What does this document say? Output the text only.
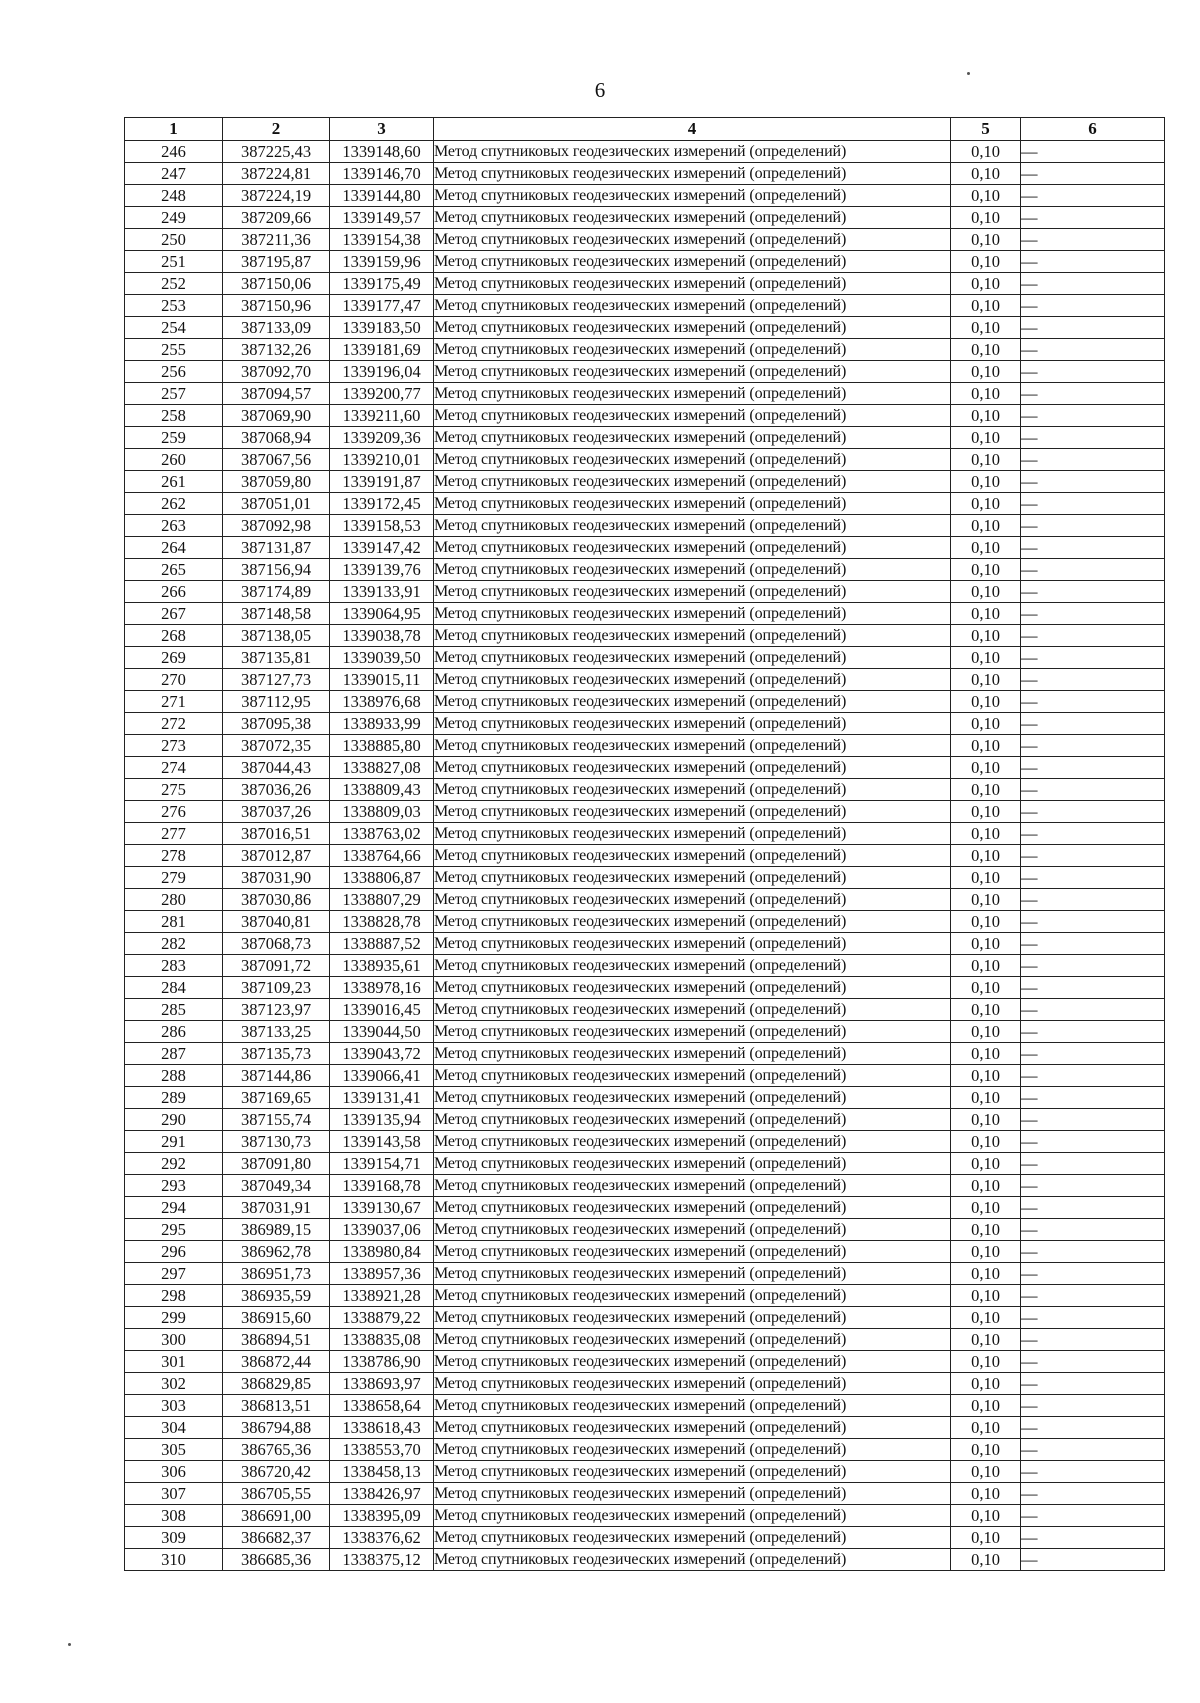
6
1	2	3	4	5	6
246	387225,43	1339148,60	Метод спутниковых геодезических измерений (определений)	0,10	—
247	387224,81	1339146,70	Метод спутниковых геодезических измерений (определений)	0,10	—
248	387224,19	1339144,80	Метод спутниковых геодезических измерений (определений)	0,10	—
249	387209,66	1339149,57	Метод спутниковых геодезических измерений (определений)	0,10	—
250	387211,36	1339154,38	Метод спутниковых геодезических измерений (определений)	0,10	—
251	387195,87	1339159,96	Метод спутниковых геодезических измерений (определений)	0,10	—
252	387150,06	1339175,49	Метод спутниковых геодезических измерений (определений)	0,10	—
253	387150,96	1339177,47	Метод спутниковых геодезических измерений (определений)	0,10	—
254	387133,09	1339183,50	Метод спутниковых геодезических измерений (определений)	0,10	—
255	387132,26	1339181,69	Метод спутниковых геодезических измерений (определений)	0,10	—
256	387092,70	1339196,04	Метод спутниковых геодезических измерений (определений)	0,10	—
257	387094,57	1339200,77	Метод спутниковых геодезических измерений (определений)	0,10	—
258	387069,90	1339211,60	Метод спутниковых геодезических измерений (определений)	0,10	—
259	387068,94	1339209,36	Метод спутниковых геодезических измерений (определений)	0,10	—
260	387067,56	1339210,01	Метод спутниковых геодезических измерений (определений)	0,10	—
261	387059,80	1339191,87	Метод спутниковых геодезических измерений (определений)	0,10	—
262	387051,01	1339172,45	Метод спутниковых геодезических измерений (определений)	0,10	—
263	387092,98	1339158,53	Метод спутниковых геодезических измерений (определений)	0,10	—
264	387131,87	1339147,42	Метод спутниковых геодезических измерений (определений)	0,10	—
265	387156,94	1339139,76	Метод спутниковых геодезических измерений (определений)	0,10	—
266	387174,89	1339133,91	Метод спутниковых геодезических измерений (определений)	0,10	—
267	387148,58	1339064,95	Метод спутниковых геодезических измерений (определений)	0,10	—
268	387138,05	1339038,78	Метод спутниковых геодезических измерений (определений)	0,10	—
269	387135,81	1339039,50	Метод спутниковых геодезических измерений (определений)	0,10	—
270	387127,73	1339015,11	Метод спутниковых геодезических измерений (определений)	0,10	—
271	387112,95	1338976,68	Метод спутниковых геодезических измерений (определений)	0,10	—
272	387095,38	1338933,99	Метод спутниковых геодезических измерений (определений)	0,10	—
273	387072,35	1338885,80	Метод спутниковых геодезических измерений (определений)	0,10	—
274	387044,43	1338827,08	Метод спутниковых геодезических измерений (определений)	0,10	—
275	387036,26	1338809,43	Метод спутниковых геодезических измерений (определений)	0,10	—
276	387037,26	1338809,03	Метод спутниковых геодезических измерений (определений)	0,10	—
277	387016,51	1338763,02	Метод спутниковых геодезических измерений (определений)	0,10	—
278	387012,87	1338764,66	Метод спутниковых геодезических измерений (определений)	0,10	—
279	387031,90	1338806,87	Метод спутниковых геодезических измерений (определений)	0,10	—
280	387030,86	1338807,29	Метод спутниковых геодезических измерений (определений)	0,10	—
281	387040,81	1338828,78	Метод спутниковых геодезических измерений (определений)	0,10	—
282	387068,73	1338887,52	Метод спутниковых геодезических измерений (определений)	0,10	—
283	387091,72	1338935,61	Метод спутниковых геодезических измерений (определений)	0,10	—
284	387109,23	1338978,16	Метод спутниковых геодезических измерений (определений)	0,10	—
285	387123,97	1339016,45	Метод спутниковых геодезических измерений (определений)	0,10	—
286	387133,25	1339044,50	Метод спутниковых геодезических измерений (определений)	0,10	—
287	387135,73	1339043,72	Метод спутниковых геодезических измерений (определений)	0,10	—
288	387144,86	1339066,41	Метод спутниковых геодезических измерений (определений)	0,10	—
289	387169,65	1339131,41	Метод спутниковых геодезических измерений (определений)	0,10	—
290	387155,74	1339135,94	Метод спутниковых геодезических измерений (определений)	0,10	—
291	387130,73	1339143,58	Метод спутниковых геодезических измерений (определений)	0,10	—
292	387091,80	1339154,71	Метод спутниковых геодезических измерений (определений)	0,10	—
293	387049,34	1339168,78	Метод спутниковых геодезических измерений (определений)	0,10	—
294	387031,91	1339130,67	Метод спутниковых геодезических измерений (определений)	0,10	—
295	386989,15	1339037,06	Метод спутниковых геодезических измерений (определений)	0,10	—
296	386962,78	1338980,84	Метод спутниковых геодезических измерений (определений)	0,10	—
297	386951,73	1338957,36	Метод спутниковых геодезических измерений (определений)	0,10	—
298	386935,59	1338921,28	Метод спутниковых геодезических измерений (определений)	0,10	—
299	386915,60	1338879,22	Метод спутниковых геодезических измерений (определений)	0,10	—
300	386894,51	1338835,08	Метод спутниковых геодезических измерений (определений)	0,10	—
301	386872,44	1338786,90	Метод спутниковых геодезических измерений (определений)	0,10	—
302	386829,85	1338693,97	Метод спутниковых геодезических измерений (определений)	0,10	—
303	386813,51	1338658,64	Метод спутниковых геодезических измерений (определений)	0,10	—
304	386794,88	1338618,43	Метод спутниковых геодезических измерений (определений)	0,10	—
305	386765,36	1338553,70	Метод спутниковых геодезических измерений (определений)	0,10	—
306	386720,42	1338458,13	Метод спутниковых геодезических измерений (определений)	0,10	—
307	386705,55	1338426,97	Метод спутниковых геодезических измерений (определений)	0,10	—
308	386691,00	1338395,09	Метод спутниковых геодезических измерений (определений)	0,10	—
309	386682,37	1338376,62	Метод спутниковых геодезических измерений (определений)	0,10	—
310	386685,36	1338375,12	Метод спутниковых геодезических измерений (определений)	0,10	—
